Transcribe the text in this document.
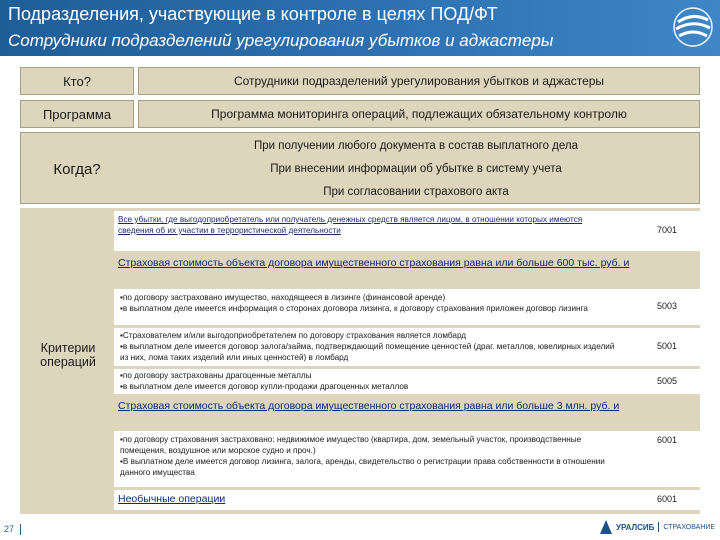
Подразделения, участвующие в контроле в целях ПОД/ФТ
Сотрудники подразделений урегулирования убытков и аджастеры
Кто?	Сотрудники подразделений урегулирования убытков и аджастеры
Программа	Программа мониторинга операций, подлежащих обязательному контролю
Когда?
При получении любого документа в состав выплатного дела
При внесении информации об убытке в систему учета
При согласовании страхового акта
Критерии операций
Все убытки, где выгодоприобретатель или получатель денежных средств является лицом, в отношении которых имеются сведения об их участии в террористической деятельности	7001
Страховая стоимость объекта договора имущественного страхования равна или больше 600 тыс. руб. и
▪по договору застраховано имущество, находящееся в лизинге (финансовой аренде)
▪в выплатном деле имеется информация о сторонах договора лизинга, к договору страхования приложен договор лизинга	5003
▪Страхователем и/или выгодоприобретателем по договору страхования является ломбард
▪в выплатном деле имеется договор залога/займа, подтверждающий помещение ценностей (драг. металлов, ювелирных изделий из них, лома таких изделий или иных ценностей) в ломбард
5001
▪по договору застрахованы драгоценные металлы
▪в выплатном деле имеется договор купли-продажи драгоценных металлов
5005
Страховая стоимость объекта договора имущественного страхования равна или больше 3 млн. руб. и
▪по договору страхования застраховано: недвижимое имущество (квартира, дом, земельный участок, производственные помещения, воздушное или морское судно и проч.)
▪В выплатном деле имеется договор лизинга, залога, аренды, свидетельство о регистрации права собственности в отношении данного имущества
6001
Необычные операции	6001
27	УРАЛСИБ СТРАХОВАНИЕ
